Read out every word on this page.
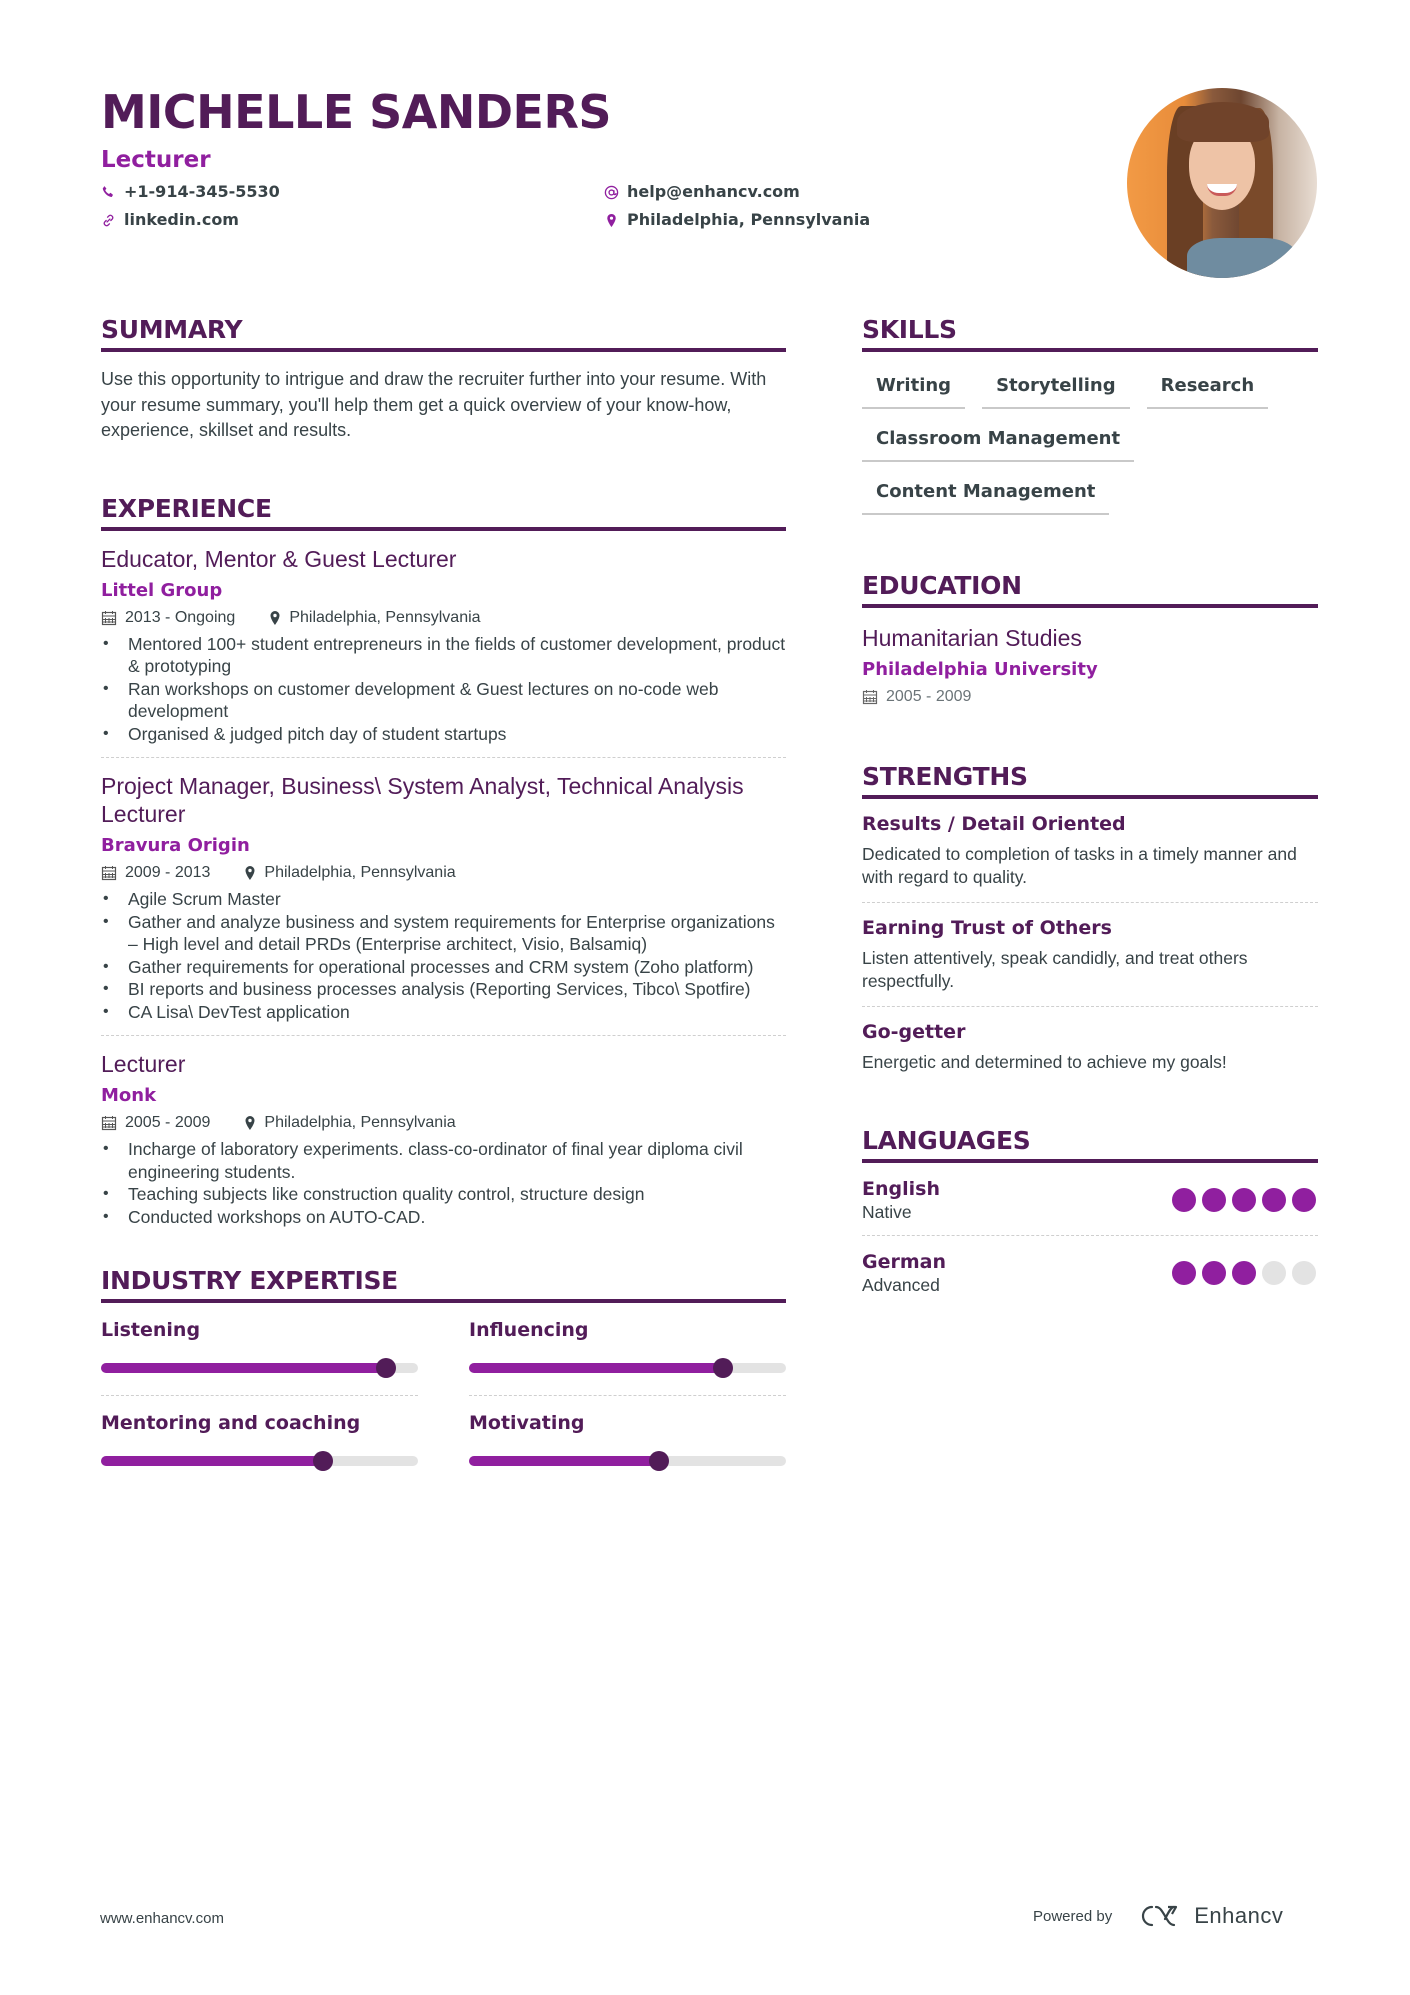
MICHELLE SANDERS
Lecturer
+1-914-345-5530	help@enhancv.com
linkedin.com	Philadelphia, Pennsylvania
SUMMARY

Use this opportunity to intrigue and draw the recruiter further into your resume. With your resume summary, you'll help them get a quick overview of your know-how, experience, skillset and results.

EXPERIENCE
Educator, Mentor & Guest Lecturer
Littel Group
2013 - Ongoing	Philadelphia, Pennsylvania
• Mentored 100+ student entrepreneurs in the fields of customer development, product & prototyping
• Ran workshops on customer development & Guest lectures on no-code web development
• Organised & judged pitch day of student startups
Project Manager, Business\ System Analyst, Technical Analysis Lecturer
Bravura Origin
2009 - 2013	Philadelphia, Pennsylvania
• Agile Scrum Master
• Gather and analyze business and system requirements for Enterprise organizations – High level and detail PRDs (Enterprise architect, Visio, Balsamiq)
• Gather requirements for operational processes and CRM system (Zoho platform)
• BI reports and business processes analysis (Reporting Services, Tibco\ Spotfire)
• CA Lisa\ DevTest application
Lecturer
Monk
2005 - 2009	Philadelphia, Pennsylvania
• Incharge of laboratory experiments. class-co-ordinator of final year diploma civil engineering students.
• Teaching subjects like construction quality control, structure design
• Conducted workshops on AUTO-CAD.
INDUSTRY EXPERTISE
Listening	Influencing
Mentoring and coaching	Motivating
SKILLS
Writing	Storytelling	Research
Classroom Management
Content Management
EDUCATION
Humanitarian Studies
Philadelphia University
2005 - 2009
STRENGTHS
Results / Detail Oriented
Dedicated to completion of tasks in a timely manner and with regard to quality.
Earning Trust of Others
Listen attentively, speak candidly, and treat others respectfully.
Go-getter
Energetic and determined to achieve my goals!
LANGUAGES
English
Native
German
Advanced
www.enhancv.com	Powered by	Enhancv
